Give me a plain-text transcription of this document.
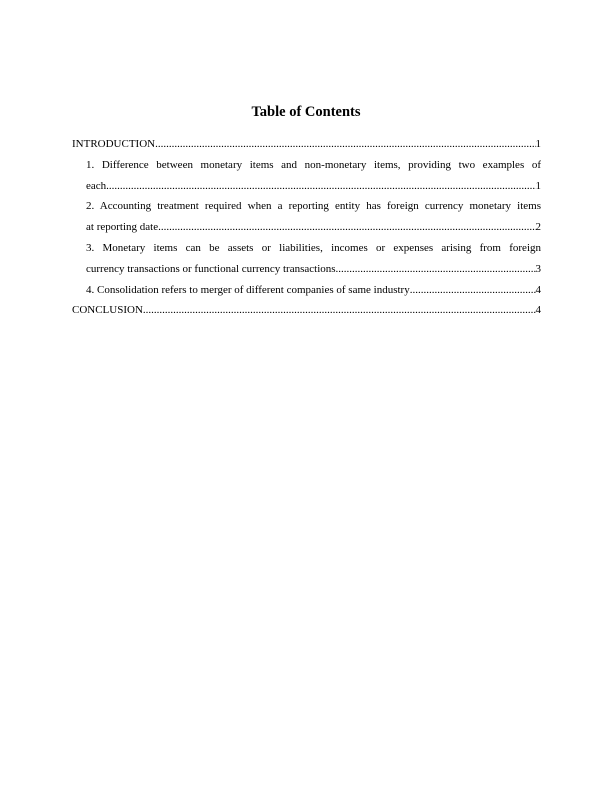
Table of Contents
INTRODUCTION .....	1
1. Difference between monetary items and non-monetary items, providing two examples of
each .....	1
2. Accounting treatment required when a reporting entity has foreign currency monetary items
at reporting date .....	2
3. Monetary items can be assets or liabilities, incomes or expenses arising from foreign
currency transactions or functional currency transactions. .....	3
4. Consolidation refers to merger of different companies of same industry .....	4
CONCLUSION .....	4
